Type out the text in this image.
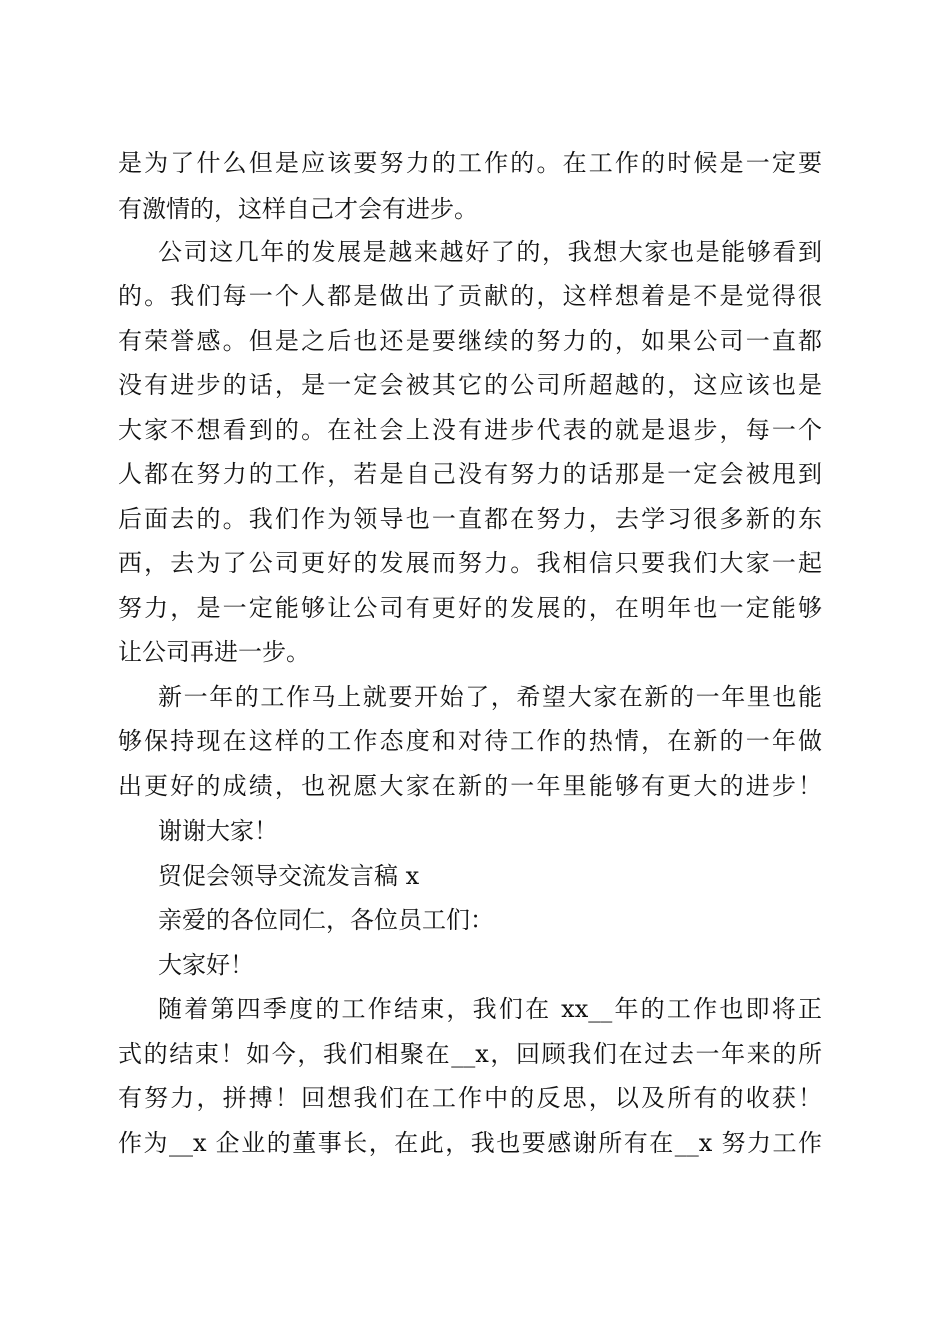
是为了什么但是应该要努力的工作的。在工作的时候是一定要
有激情的，这样自己才会有进步。
公司这几年的发展是越来越好了的，我想大家也是能够看到
的。我们每一个人都是做出了贡献的，这样想着是不是觉得很
有荣誉感。但是之后也还是要继续的努力的，如果公司一直都
没有进步的话，是一定会被其它的公司所超越的，这应该也是
大家不想看到的。在社会上没有进步代表的就是退步，每一个
人都在努力的工作，若是自己没有努力的话那是一定会被甩到
后面去的。我们作为领导也一直都在努力，去学习很多新的东
西，去为了公司更好的发展而努力。我相信只要我们大家一起
努力，是一定能够让公司有更好的发展的，在明年也一定能够
让公司再进一步。
新一年的工作马上就要开始了，希望大家在新的一年里也能
够保持现在这样的工作态度和对待工作的热情，在新的一年做
出更好的成绩，也祝愿大家在新的一年里能够有更大的进步！
谢谢大家！
贸促会领导交流发言稿 x
亲爱的各位同仁，各位员工们：
大家好！
随着第四季度的工作结束，我们在 xx__年的工作也即将正
式的结束！如今，我们相聚在__x，回顾我们在过去一年来的所
有努力，拼搏！回想我们在工作中的反思，以及所有的收获！
作为__x 企业的董事长，在此，我也要感谢所有在__x 努力工作
